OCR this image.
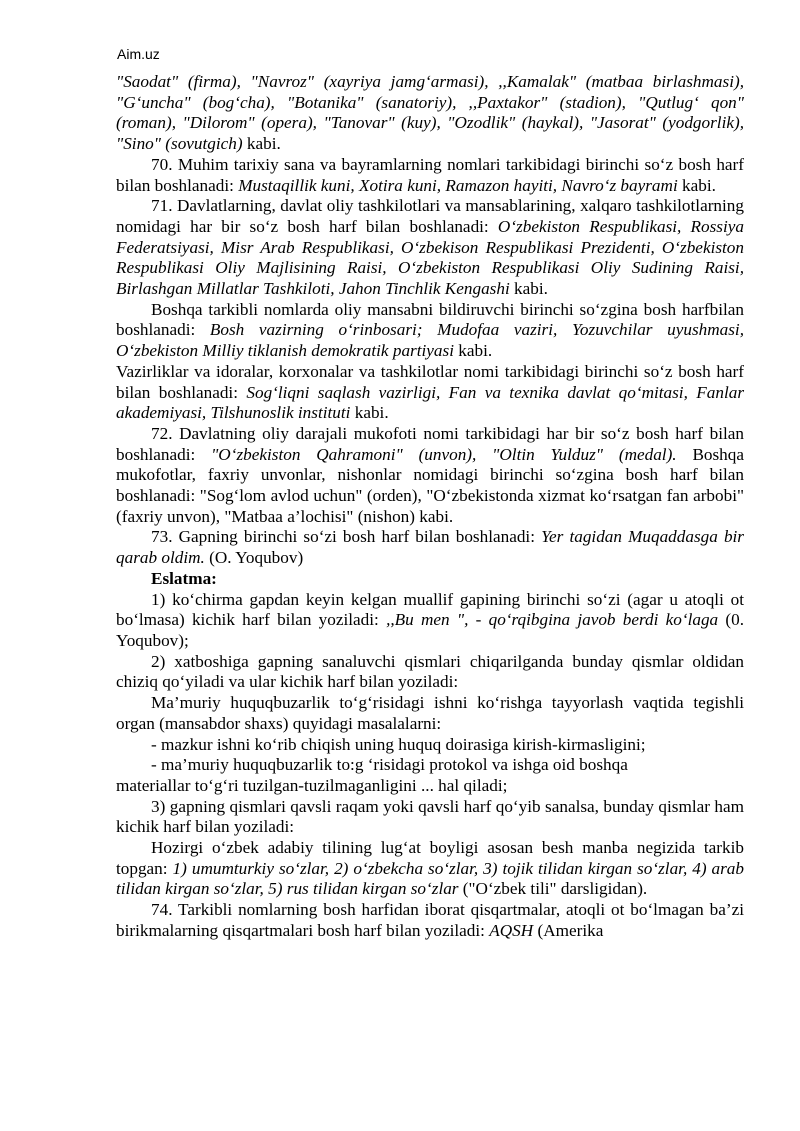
Aim.uz

"Saodat" (firma), "Navroz" (xayriya jamg‘armasi), ,,Kamalak" (matbaa birlashmasi), "G‘uncha" (bog‘cha), "Botanika" (sanatoriy), ,,Paxtakor" (stadion), "Qutlug‘ qon" (roman), "Dilorom" (opera), "Tanovar" (kuy), "Ozodlik" (haykal), "Jasorat" (yodgorlik), "Sino" (sovutgich) kabi.

70. Muhim tarixiy sana va bayramlarning nomlari tarkibidagi birinchi so‘z bosh harf bilan boshlanadi: Mustaqillik kuni, Xotira kuni, Ramazon hayiti, Navro‘z bayrami kabi.

71. Davlatlarning, davlat oliy tashkilotlari va mansablarining, xalqaro tashkilotlarning nomidagi har bir so‘z bosh harf bilan boshlanadi: O‘zbekiston Respublikasi, Rossiya Federatsiyasi, Misr Arab Respublikasi, O‘zbekison Respublikasi Prezidenti, O‘zbekiston Respublikasi Oliy Majlisining Raisi, O‘zbekiston Respublikasi Oliy Sudining Raisi, Birlashgan Millatlar Tashkiloti, Jahon Tinchlik Kengashi kabi.

Boshqa tarkibli nomlarda oliy mansabni bildiruvchi birinchi so‘zgina bosh harfbilan boshlanadi: Bosh vazirning o‘rinbosari; Mudofaa vaziri, Yozuvchilar uyushmasi, O‘zbekiston Milliy tiklanish demokratik partiyasi kabi.

Vazirliklar va idoralar, korxonalar va tashkilotlar nomi tarkibidagi birinchi so‘z bosh harf bilan boshlanadi: Sog‘liqni saqlash vazirligi, Fan va texnika davlat qo‘mitasi, Fanlar akademiyasi, Tilshunoslik instituti kabi.

72. Davlatning oliy darajali mukofoti nomi tarkibidagi har bir so‘z bosh harf bilan boshlanadi: "O‘zbekiston Qahramoni" (unvon), "Oltin Yulduz" (medal). Boshqa mukofotlar, faxriy unvonlar, nishonlar nomidagi birinchi so‘zgina bosh harf bilan boshlanadi: "Sog‘lom avlod uchun" (orden), "O‘zbekistonda xizmat ko‘rsatgan fan arbobi" (faxriy unvon), "Matbaa a’lochisi" (nishon) kabi.

73. Gapning birinchi so‘zi bosh harf bilan boshlanadi: Yer tagidan Muqaddasga bir qarab oldim. (O. Yoqubov)

Eslatma:

1) ko‘chirma gapdan keyin kelgan muallif gapining birinchi so‘zi (agar u atoqli ot bo‘lmasa) kichik harf bilan yoziladi: ,,Bu men ", - qo‘rqibgina javob berdi ko‘laga (0. Yoqubov);

2) xatboshiga gapning sanaluvchi qismlari chiqarilganda bunday qismlar oldidan chiziq qo‘yiladi va ular kichik harf bilan yoziladi:

Ma’muriy huquqbuzarlik to‘g‘risidagi ishni ko‘rishga tayyorlash vaqtida tegishli organ (mansabdor shaxs) quyidagi masalalarni:

- mazkur ishni ko‘rib chiqish uning huquq doirasiga kirish-kirmasligini;

- ma’muriy huquqbuzarlik to:g ‘risidagi protokol va ishga oid boshqa

materiallar to‘g‘ri tuzilgan-tuzilmaganligini ... hal qiladi;

3) gapning qismlari qavsli raqam yoki qavsli harf qo‘yib sanalsa, bunday qismlar ham kichik harf bilan yoziladi:

Hozirgi o‘zbek adabiy tilining lug‘at boyligi asosan besh manba negizida tarkib topgan: 1) umumturkiy so‘zlar, 2) o‘zbekcha so‘zlar, 3) tojik tilidan kirgan so‘zlar, 4) arab tilidan kirgan so‘zlar, 5) rus tilidan kirgan so‘zlar ("O‘zbek tili" darsligidan).

74. Tarkibli nomlarning bosh harfidan iborat qisqartmalar, atoqli ot bo‘lmagan ba’zi birikmalarning qisqartmalari bosh harf bilan yoziladi: AQSH (Amerika
